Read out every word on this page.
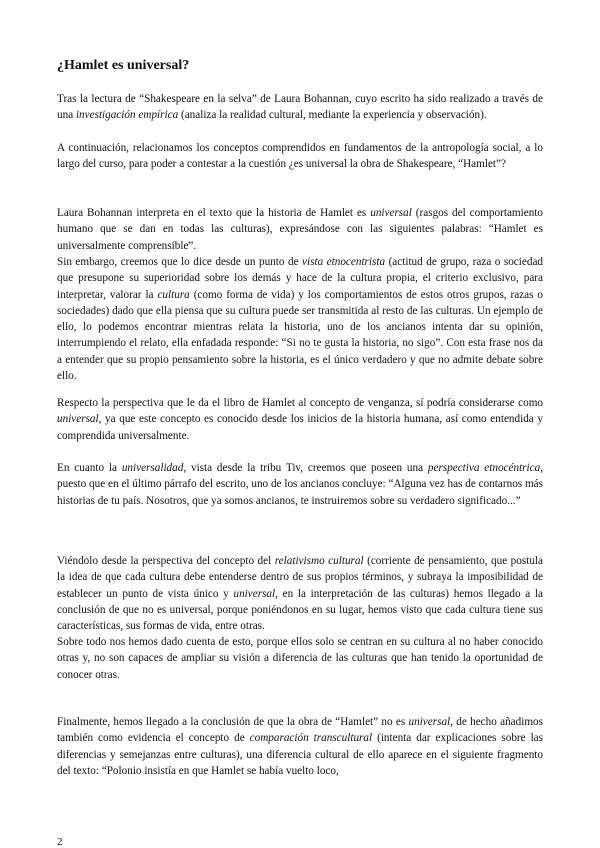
¿Hamlet es universal?

Tras la lectura de “Shakespeare en la selva” de Laura Bohannan, cuyo escrito ha sido realizado a través de una investigación empírica (analiza la realidad cultural, mediante la experiencia y observación).

A continuación, relacionamos los conceptos comprendidos en fundamentos de la antropología social, a lo largo del curso, para poder a contestar a la cuestión ¿es universal la obra de Shakespeare, “Hamlet”?

Laura Bohannan interpreta en el texto que la historia de Hamlet es universal (rasgos del comportamiento humano que se dan en todas las culturas), expresándose con las siguientes palabras: “Hamlet es universalmente comprensible”.

Sin embargo, creemos que lo dice desde un punto de vista etnocentrista (actitud de grupo, raza o sociedad que presupone su superioridad sobre los demás y hace de la cultura propia, el criterio exclusivo, para interpretar, valorar la cultura (como forma de vida) y los comportamientos de estos otros grupos, razas o sociedades) dado que ella piensa que su cultura puede ser transmitida al resto de las culturas. Un ejemplo de ello, lo podemos encontrar mientras relata la historia, uno de los ancianos intenta dar su opinión, interrumpiendo el relato, ella enfadada responde: “Si no te gusta la historia, no sigo”. Con esta frase nos da a entender que su propio pensamiento sobre la historia, es el único verdadero y que no admite debate sobre ello.

Respecto la perspectiva que le da el libro de Hamlet al concepto de venganza, sí podría considerarse como universal, ya que este concepto es conocido desde los inicios de la historia humana, así como entendida y comprendida universalmente.

En cuanto la universalidad, vista desde la tribu Tiv, creemos que poseen una perspectiva etnocéntrica, puesto que en el último párrafo del escrito, uno de los ancianos concluye: “Alguna vez has de contarnos más historias de tu país. Nosotros, que ya somos ancianos, te instruiremos sobre su verdadero significado...”

Viéndolo desde la perspectiva del concepto del relativismo cultural (corriente de pensamiento, que postula la idea de que cada cultura debe entenderse dentro de sus propios términos, y subraya la imposibilidad de establecer un punto de vista único y universal, en la interpretación de las culturas) hemos llegado a la conclusión de que no es universal, porque poniéndonos en su lugar, hemos visto que cada cultura tiene sus características, sus formas de vida, entre otras.

Sobre todo nos hemos dado cuenta de esto, porque ellos solo se centran en su cultura al no haber conocido otras y, no son capaces de ampliar su visión a diferencia de las culturas que han tenido la oportunidad de conocer otras.

Finalmente, hemos llegado a la conclusión de que la obra de “Hamlet” no es universal, de hecho añadimos también como evidencia el concepto de comparación transcultural (intenta dar explicaciones sobre las diferencias y semejanzas entre culturas), una diferencia cultural de ello aparece en el siguiente fragmento del texto: “Polonio insistía en que Hamlet se había vuelto loco,

2
